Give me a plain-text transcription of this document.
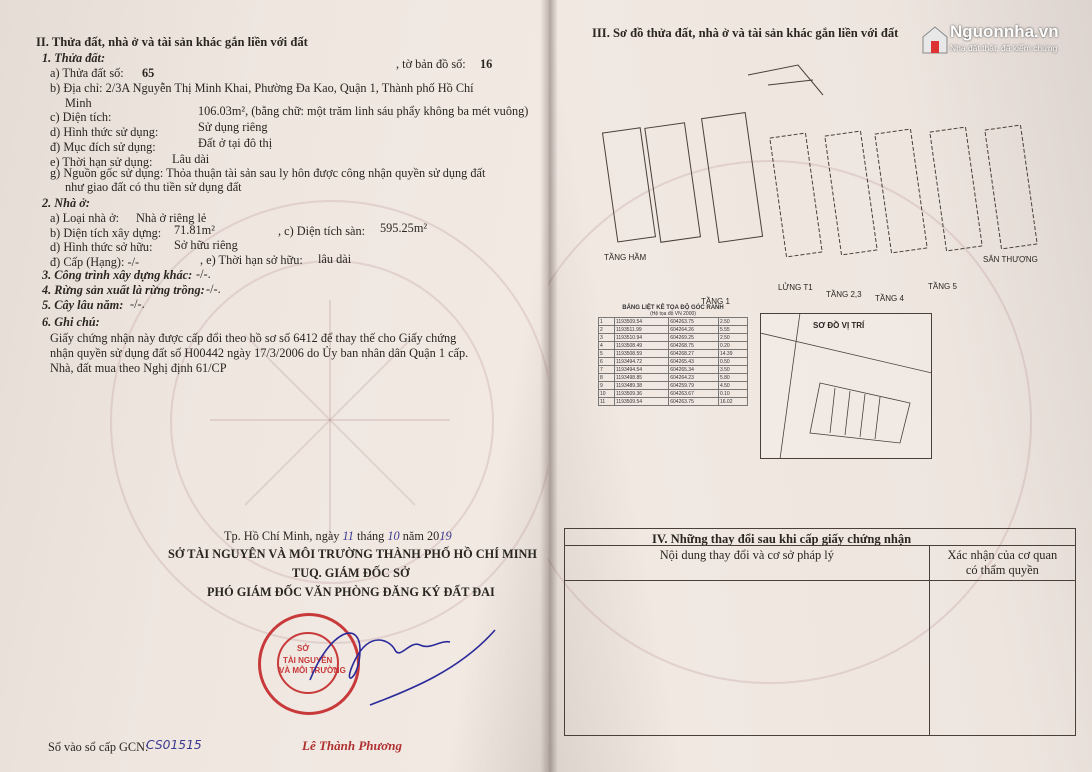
II. Thửa đất, nhà ở và tài sản khác gắn liền với đất
1. Thửa đất:	, tờ bản đồ số: 16
a) Thửa đất số: 65
b) Địa chỉ: 2/3A Nguyễn Thị Minh Khai, Phường Đa Kao, Quận 1, Thành phố Hồ Chí
Minh
c) Diện tích:	106.03m², (bằng chữ: một trăm linh sáu phẩy không ba mét vuông)
d) Hình thức sử dụng:	Sử dụng riêng
đ) Mục đích sử dụng:	Đất ở tại đô thị
e) Thời hạn sử dụng: Lâu dài
g) Nguồn gốc sử dụng: Thỏa thuận tài sản sau ly hôn được công nhận quyền sử dụng đất
như giao đất có thu tiền sử dụng đất
2. Nhà ở:
a) Loại nhà ở: Nhà ở riêng lẻ
b) Diện tích xây dựng: 71.81m²	, c) Diện tích sàn: 595.25m²
d) Hình thức sở hữu: Sở hữu riêng
đ) Cấp (Hạng): -/-	, e) Thời hạn sở hữu: lâu dài
3. Công trình xây dựng khác: -/-.
4. Rừng sản xuất là rừng trồng: -/-.
5. Cây lâu năm: -/-.
6. Ghi chú:
Giấy chứng nhận này được cấp đổi theo hồ sơ số 6412 để thay thế cho Giấy chứng
nhận quyền sử dụng đất số H00442 ngày 17/3/2006 do Ủy ban nhân dân Quận 1 cấp.
Nhà, đất mua theo Nghị định 61/CP
Tp. Hồ Chí Minh, ngày 11 tháng 10 năm 2019
SỞ TÀI NGUYÊN VÀ MÔI TRƯỜNG THÀNH PHỐ HỒ CHÍ MINH
TUQ. GIÁM ĐỐC SỞ
PHÓ GIÁM ĐỐC VĂN PHÒNG ĐĂNG KÝ ĐẤT ĐAI
SỞ
TÀI NGUYÊN
VÀ MÔI TRƯỜNG
Lê Thành Phương
Số vào sổ cấp GCN:
CS01515
III. Sơ đồ thửa đất, nhà ở và tài sản khác gắn liền với đất
TẦNG HẦM
TẦNG 1
LỬNG T1
TẦNG 2,3 TẦNG 4
TẦNG 5
SÂN THƯỢNG
SƠ ĐỒ VỊ TRÍ
IV. Những thay đổi sau khi cấp giấy chứng nhận
BẢNG LIỆT KÊ TỌA ĐỘ GÓC RANH
(Hệ tọa độ VN 2000)
1	1193509.54	604263.75	2.50
2	1193511.99	604264.26	5.55
3	1193510.94	604269.25	2.50
4	1193508.49	604268.75	0.20
5	1193508.59	604268.27	14.39
6	1193494.72	604265.43	0.50
7	1193494.54	604265.34	3.50
8	1193498.85	604264.23	5.80
9	1193489.38	604259.79	4.50
10	1193509.36	604263.67	0.10
11	1193509.54	604263.75	16.02

Nội dung thay đổi và cơ sở pháp lý	Xác nhận của cơ quan
có thẩm quyền

Nguonnha.vn
Nhà đất thật, đã kiểm chứng
